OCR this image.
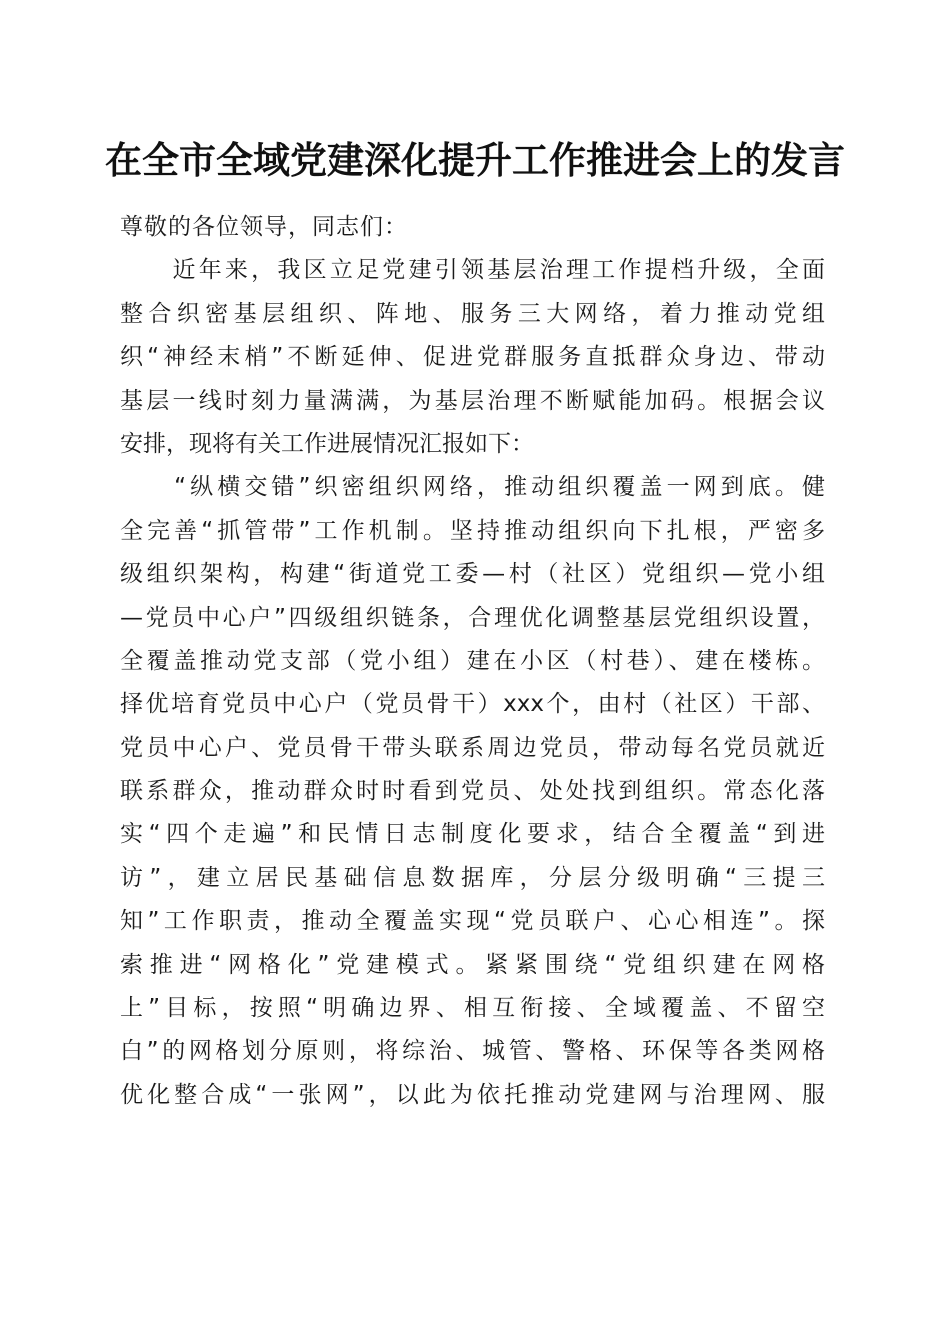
在全市全域党建深化提升工作推进会上的发言
尊敬的各位领导，同志们：
　　近年来，我区立足党建引领基层治理工作提档升级，全面
整合织密基层组织、阵地、服务三大网络，着力推动党组
织“神经末梢”不断延伸、促进党群服务直抵群众身边、带动
基层一线时刻力量满满，为基层治理不断赋能加码。根据会议
安排，现将有关工作进展情况汇报如下：
　　“纵横交错”织密组织网络，推动组织覆盖一网到底。健
全完善“抓管带”工作机制。坚持推动组织向下扎根，严密多
级组织架构，构建“街道党工委—村（社区）党组织—党小组
—党员中心户”四级组织链条，合理优化调整基层党组织设置，
全覆盖推动党支部（党小组）建在小区（村巷）、建在楼栋。
择优培育党员中心户（党员骨干）xxx个，由村（社区）干部、
党员中心户、党员骨干带头联系周边党员，带动每名党员就近
联系群众，推动群众时时看到党员、处处找到组织。常态化落
实“四个走遍”和民情日志制度化要求，结合全覆盖“到进
访”，建立居民基础信息数据库，分层分级明确“三提三
知”工作职责，推动全覆盖实现“党员联户、心心相连”。探
索推进“网格化”党建模式。紧紧围绕“党组织建在网格
上”目标，按照“明确边界、相互衔接、全域覆盖、不留空
白”的网格划分原则，将综治、城管、警格、环保等各类网格
优化整合成“一张网”，以此为依托推动党建网与治理网、服
